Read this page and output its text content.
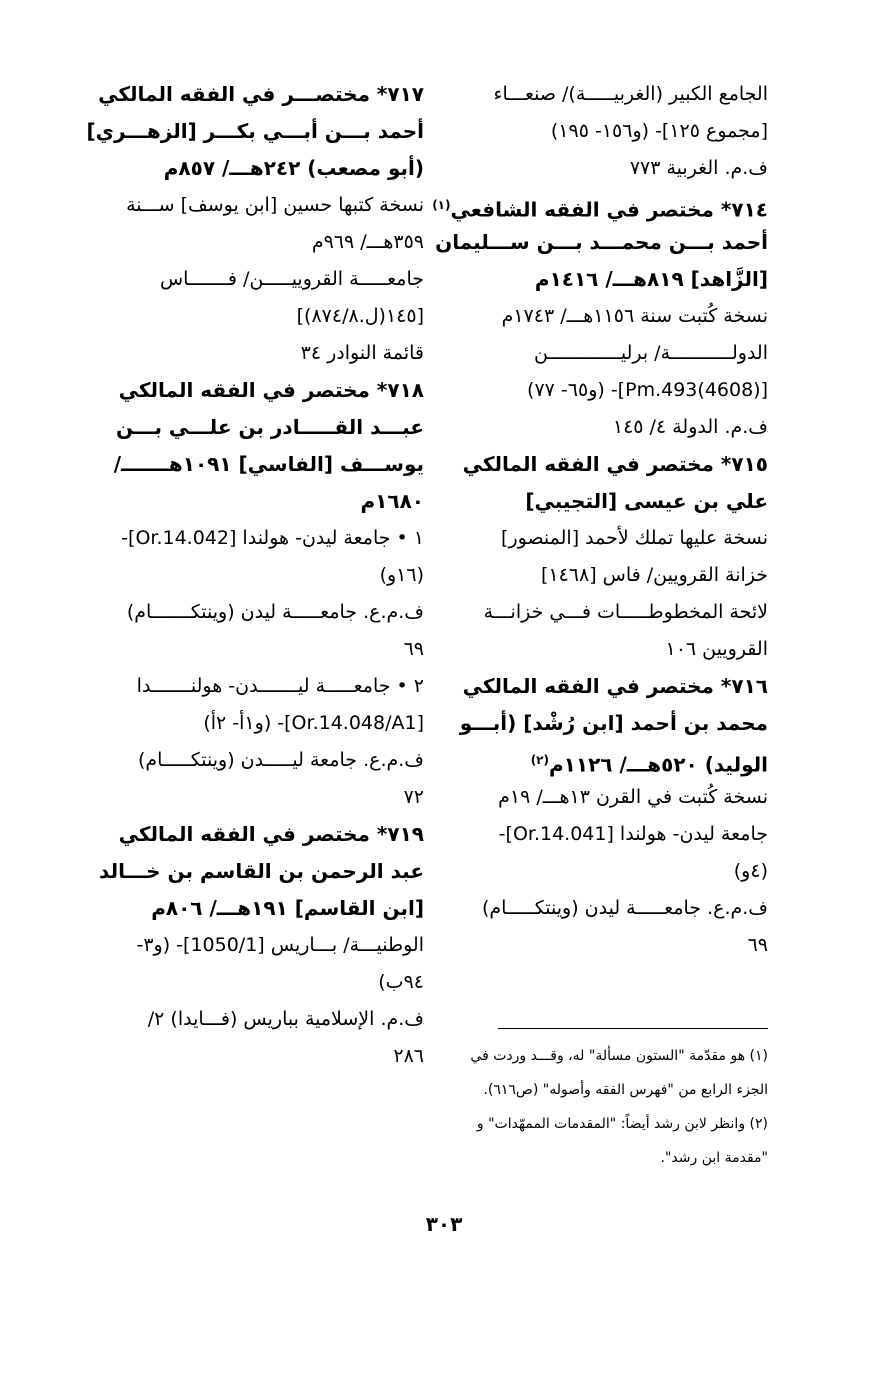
الجامع الكبير (الغربيـــــة)/ صنعـــاء
[مجموع ١٢٥]- (و١٥٦- ١٩٥)
ف.م. الغربية ٧٧٣
٧١٤* مختصر في الفقه الشافعي$^{(١)}$
أحمد بـــن محمـــد بـــن ســـليمان
[الزَّاهد] ٨١٩هـــ/ ١٤١٦م
نسخة كُتبت سنة ١١٥٦هـــ/ ١٧٤٣م
الدولـــــــــــة/ برليـــــــــــــن
[(4608)Pm.493]- (و٦٥- ٧٧)
ف.م. الدولة ٤/ ١٤٥
٧١٥* مختصر في الفقه المالكي
علي بن عيسى [التجيبي]
نسخة عليها تملك لأحمد [المنصور]
خزانة القرويين/ فاس [١٤٦٨]
لائحة المخطوطـــــات فـــي خزانـــة
القرويين ١٠٦
٧١٦* مختصر في الفقه المالكي
محمد بن أحمد [ابن رُشْد] (أبـــو
الوليد) ٥٢٠هـــ/ ١١٢٦م$^{(٢)}$
نسخة كُتبت في القرن ١٣هـــ/ ١٩م
جامعة ليدن- هولندا [Or.14.041]-
(٤و)
ف.م.ع. جامعـــــة ليدن (وينتكـــــام)
٦٩
٧١٧* مختصـــر في الفقه المالكي
أحمد بـــن أبـــي بكـــر [الزهـــري]
(أبو مصعب) ٢٤٢هـــ/ ٨٥٧م
نسخة كتبها حسين [ابن يوسف] ســـنة
٣٥٩هـــ/ ٩٦٩م
جامعـــــة القروييـــــن/ فـــــــاس
[١٤٥(ل.٨٧٤/٨)]
قائمة النوادر ٣٤
٧١٨* مختصر في الفقه المالكي
عبـــد القـــــادر بن علـــي بـــن
يوســـف [الفاسي] ١٠٩١هـــــــ/
١٦٨٠م
١ • جامعة ليدن- هولندا [Or.14.042]-
(١٦و)
ف.م.ع. جامعـــــة ليدن (وينتكـــــــام)
٦٩
٢ • جامعـــــة ليـــــــدن- هولنـــــــدا
[Or.14.048/A1]- (و١أ- ٢أ)
ف.م.ع. جامعة ليـــــدن (وينتكـــــام)
٧٢
٧١٩* مختصر في الفقه المالكي
عبد الرحمن بن القاسم بن خـــالد
[ابن القاسم] ١٩١هـــ/ ٨٠٦م
الوطنيـــة/ بـــاريس [1050/1]- (و٣-
٩٤ب)
ف.م. الإسلامية بباريس (فـــايدا) ٢/
٢٨٦	(١) هو مقدّمة "الستون مسألة" له، وقـــد وردت في
الجزء الرابع من "فهرس الفقه وأصوله" (ص٦١٦).
(٢) وانظر لابن رشد أيضاً: "المقدمات الممهّدات" و
"مقدمة ابن رشد".
٣٠٣
